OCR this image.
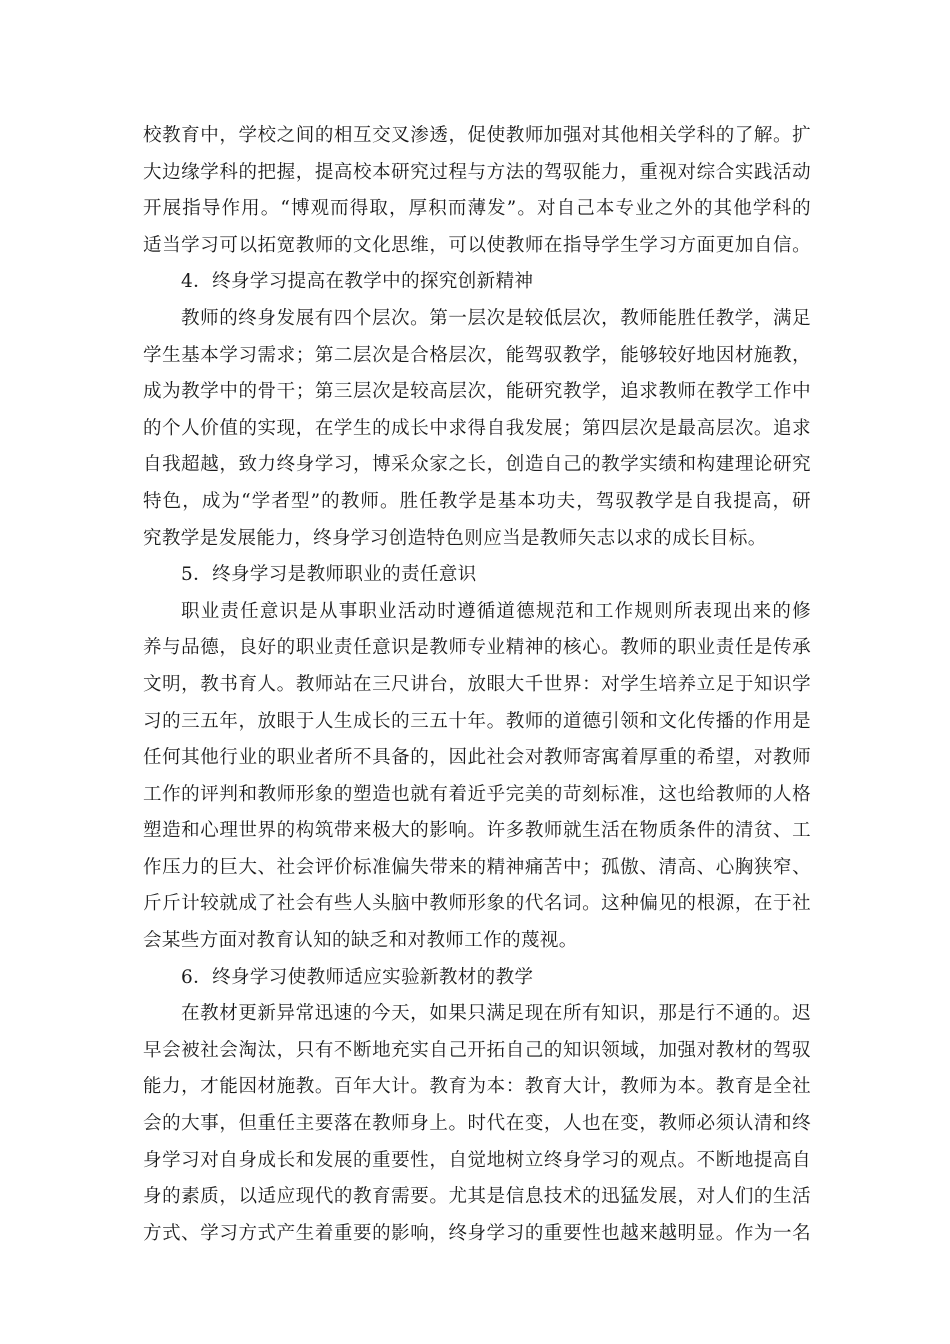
校教育中，学校之间的相互交叉渗透，促使教师加强对其他相关学科的了解。扩
大边缘学科的把握，提高校本研究过程与方法的驾驭能力，重视对综合实践活动
开展指导作用。“博观而得取，厚积而薄发”。对自己本专业之外的其他学科的
适当学习可以拓宽教师的文化思维，可以使教师在指导学生学习方面更加自信。
4．终身学习提高在教学中的探究创新精神
教师的终身发展有四个层次。第一层次是较低层次，教师能胜任教学，满足
学生基本学习需求；第二层次是合格层次，能驾驭教学，能够较好地因材施教，
成为教学中的骨干；第三层次是较高层次，能研究教学，追求教师在教学工作中
的个人价值的实现，在学生的成长中求得自我发展；第四层次是最高层次。追求
自我超越，致力终身学习，博采众家之长，创造自己的教学实绩和构建理论研究
特色，成为“学者型”的教师。胜任教学是基本功夫，驾驭教学是自我提高，研
究教学是发展能力，终身学习创造特色则应当是教师矢志以求的成长目标。
5．终身学习是教师职业的责任意识
职业责任意识是从事职业活动时遵循道德规范和工作规则所表现出来的修
养与品德，良好的职业责任意识是教师专业精神的核心。教师的职业责任是传承
文明，教书育人。教师站在三尺讲台，放眼大千世界：对学生培养立足于知识学
习的三五年，放眼于人生成长的三五十年。教师的道德引领和文化传播的作用是
任何其他行业的职业者所不具备的，因此社会对教师寄寓着厚重的希望，对教师
工作的评判和教师形象的塑造也就有着近乎完美的苛刻标准，这也给教师的人格
塑造和心理世界的构筑带来极大的影响。许多教师就生活在物质条件的清贫、工
作压力的巨大、社会评价标准偏失带来的精神痛苦中；孤傲、清高、心胸狭窄、
斤斤计较就成了社会有些人头脑中教师形象的代名词。这种偏见的根源，在于社
会某些方面对教育认知的缺乏和对教师工作的蔑视。
6．终身学习使教师适应实验新教材的教学
在教材更新异常迅速的今天，如果只满足现在所有知识，那是行不通的。迟
早会被社会淘汰，只有不断地充实自己开拓自己的知识领域，加强对教材的驾驭
能力，才能因材施教。百年大计。教育为本：教育大计，教师为本。教育是全社
会的大事，但重任主要落在教师身上。时代在变，人也在变，教师必须认清和终
身学习对自身成长和发展的重要性，自觉地树立终身学习的观点。不断地提高自
身的素质，以适应现代的教育需要。尤其是信息技术的迅猛发展，对人们的生活
方式、学习方式产生着重要的影响，终身学习的重要性也越来越明显。作为一名
